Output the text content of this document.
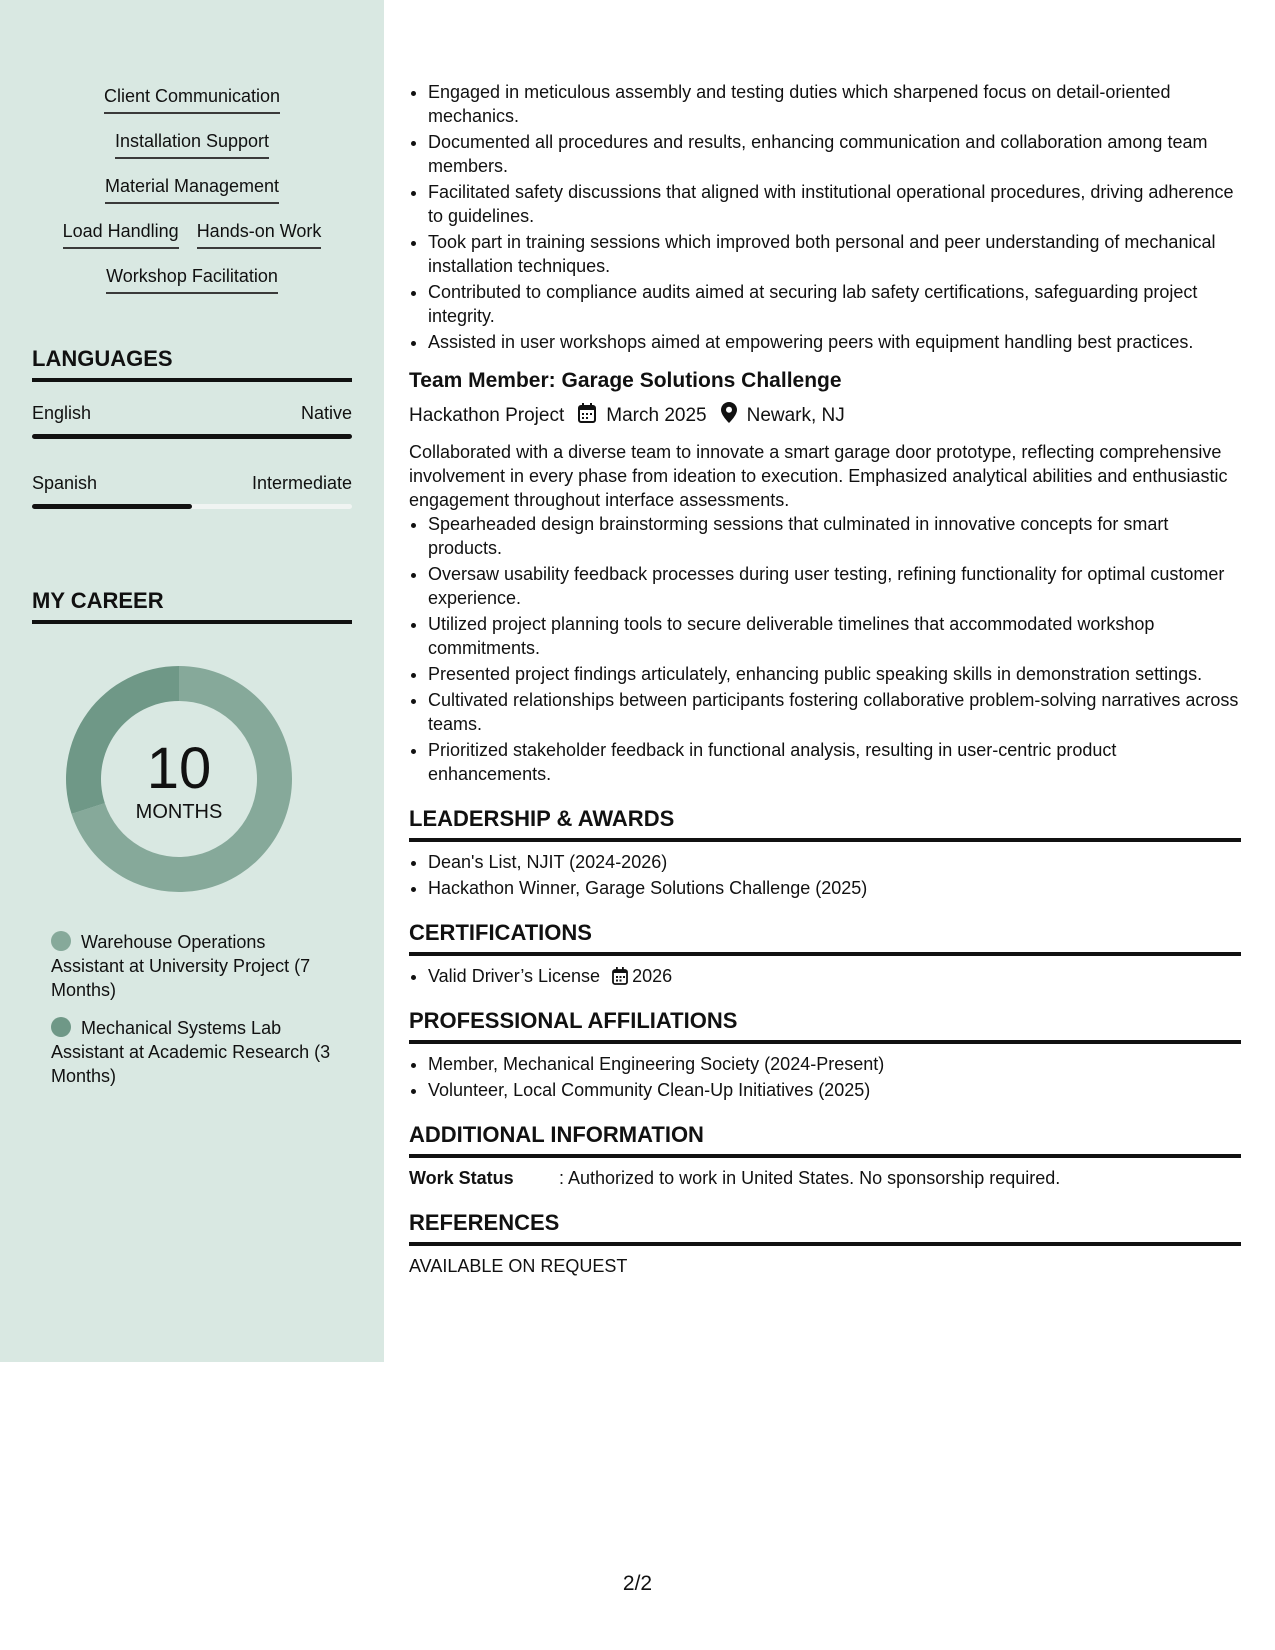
Client Communication
Installation Support
Material Management
Load Handling Hands-on Work
Workshop Facilitation
LANGUAGES
English	Native
Spanish	Intermediate
MY CAREER
10
MONTHS
Warehouse Operations Assistant at University Project (7 Months)
Mechanical Systems Lab Assistant at Academic Research (3 Months)
• Engaged in meticulous assembly and testing duties which sharpened focus on detail-oriented mechanics.
• Documented all procedures and results, enhancing communication and collaboration among team members.
• Facilitated safety discussions that aligned with institutional operational procedures, driving adherence to guidelines.
• Took part in training sessions which improved both personal and peer understanding of mechanical installation techniques.
• Contributed to compliance audits aimed at securing lab safety certifications, safeguarding project integrity.
• Assisted in user workshops aimed at empowering peers with equipment handling best practices.
Team Member: Garage Solutions Challenge
Hackathon Project March 2025 Newark, NJ
Collaborated with a diverse team to innovate a smart garage door prototype, reflecting comprehensive involvement in every phase from ideation to execution. Emphasized analytical abilities and enthusiastic engagement throughout interface assessments.
• Spearheaded design brainstorming sessions that culminated in innovative concepts for smart products.
• Oversaw usability feedback processes during user testing, refining functionality for optimal customer experience.
• Utilized project planning tools to secure deliverable timelines that accommodated workshop commitments.
• Presented project findings articulately, enhancing public speaking skills in demonstration settings.
• Cultivated relationships between participants fostering collaborative problem-solving narratives across teams.
• Prioritized stakeholder feedback in functional analysis, resulting in user-centric product enhancements.
LEADERSHIP & AWARDS
• Dean's List, NJIT (2024-2026)
• Hackathon Winner, Garage Solutions Challenge (2025)
CERTIFICATIONS
• Valid Driver’s License 2026
PROFESSIONAL AFFILIATIONS
• Member, Mechanical Engineering Society (2024-Present)
• Volunteer, Local Community Clean-Up Initiatives (2025)
ADDITIONAL INFORMATION
Work Status	: Authorized to work in United States. No sponsorship required.
REFERENCES
AVAILABLE ON REQUEST
2/2
